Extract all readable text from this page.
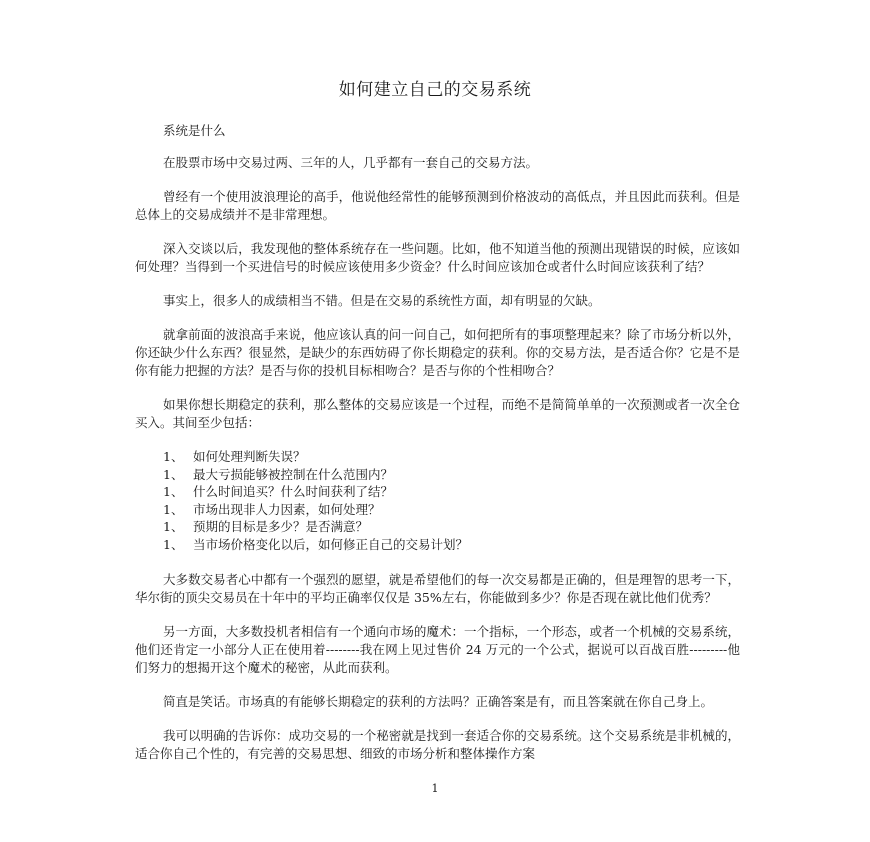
如何建立自己的交易系统

系统是什么

在股票市场中交易过两、三年的人，几乎都有一套自己的交易方法。

曾经有一个使用波浪理论的高手，他说他经常性的能够预测到价格波动的高低点，并且因此而获利。但是总体上的交易成绩并不是非常理想。

深入交谈以后，我发现他的整体系统存在一些问题。比如，他不知道当他的预测出现错误的时候，应该如何处理？当得到一个买进信号的时候应该使用多少资金？什么时间应该加仓或者什么时间应该获利了结？

事实上，很多人的成绩相当不错。但是在交易的系统性方面，却有明显的欠缺。

就拿前面的波浪高手来说，他应该认真的问一问自己，如何把所有的事项整理起来？除了市场分析以外，你还缺少什么东西？很显然，是缺少的东西妨碍了你长期稳定的获利。你的交易方法，是否适合你？它是不是你有能力把握的方法？是否与你的投机目标相吻合？是否与你的个性相吻合？

如果你想长期稳定的获利，那么整体的交易应该是一个过程，而绝不是简简单单的一次预测或者一次全仓买入。其间至少包括：

1、 如何处理判断失误？
1、 最大亏损能够被控制在什么范围内？
1、 什么时间追买？什么时间获利了结？
1、 市场出现非人力因素，如何处理？
1、 预期的目标是多少？是否满意？
1、 当市场价格变化以后，如何修正自己的交易计划？

大多数交易者心中都有一个强烈的愿望，就是希望他们的每一次交易都是正确的，但是理智的思考一下，华尔街的顶尖交易员在十年中的平均正确率仅仅是 35%左右，你能做到多少？你是否现在就比他们优秀？

另一方面，大多数投机者相信有一个通向市场的魔术：一个指标，一个形态，或者一个机械的交易系统，他们还肯定一小部分人正在使用着--------我在网上见过售价 24 万元的一个公式，据说可以百战百胜---------他们努力的想揭开这个魔术的秘密，从此而获利。

简直是笑话。市场真的有能够长期稳定的获利的方法吗？正确答案是有，而且答案就在你自己身上。

我可以明确的告诉你：成功交易的一个秘密就是找到一套适合你的交易系统。这个交易系统是非机械的，适合你自己个性的，有完善的交易思想、细致的市场分析和整体操作方案

1
